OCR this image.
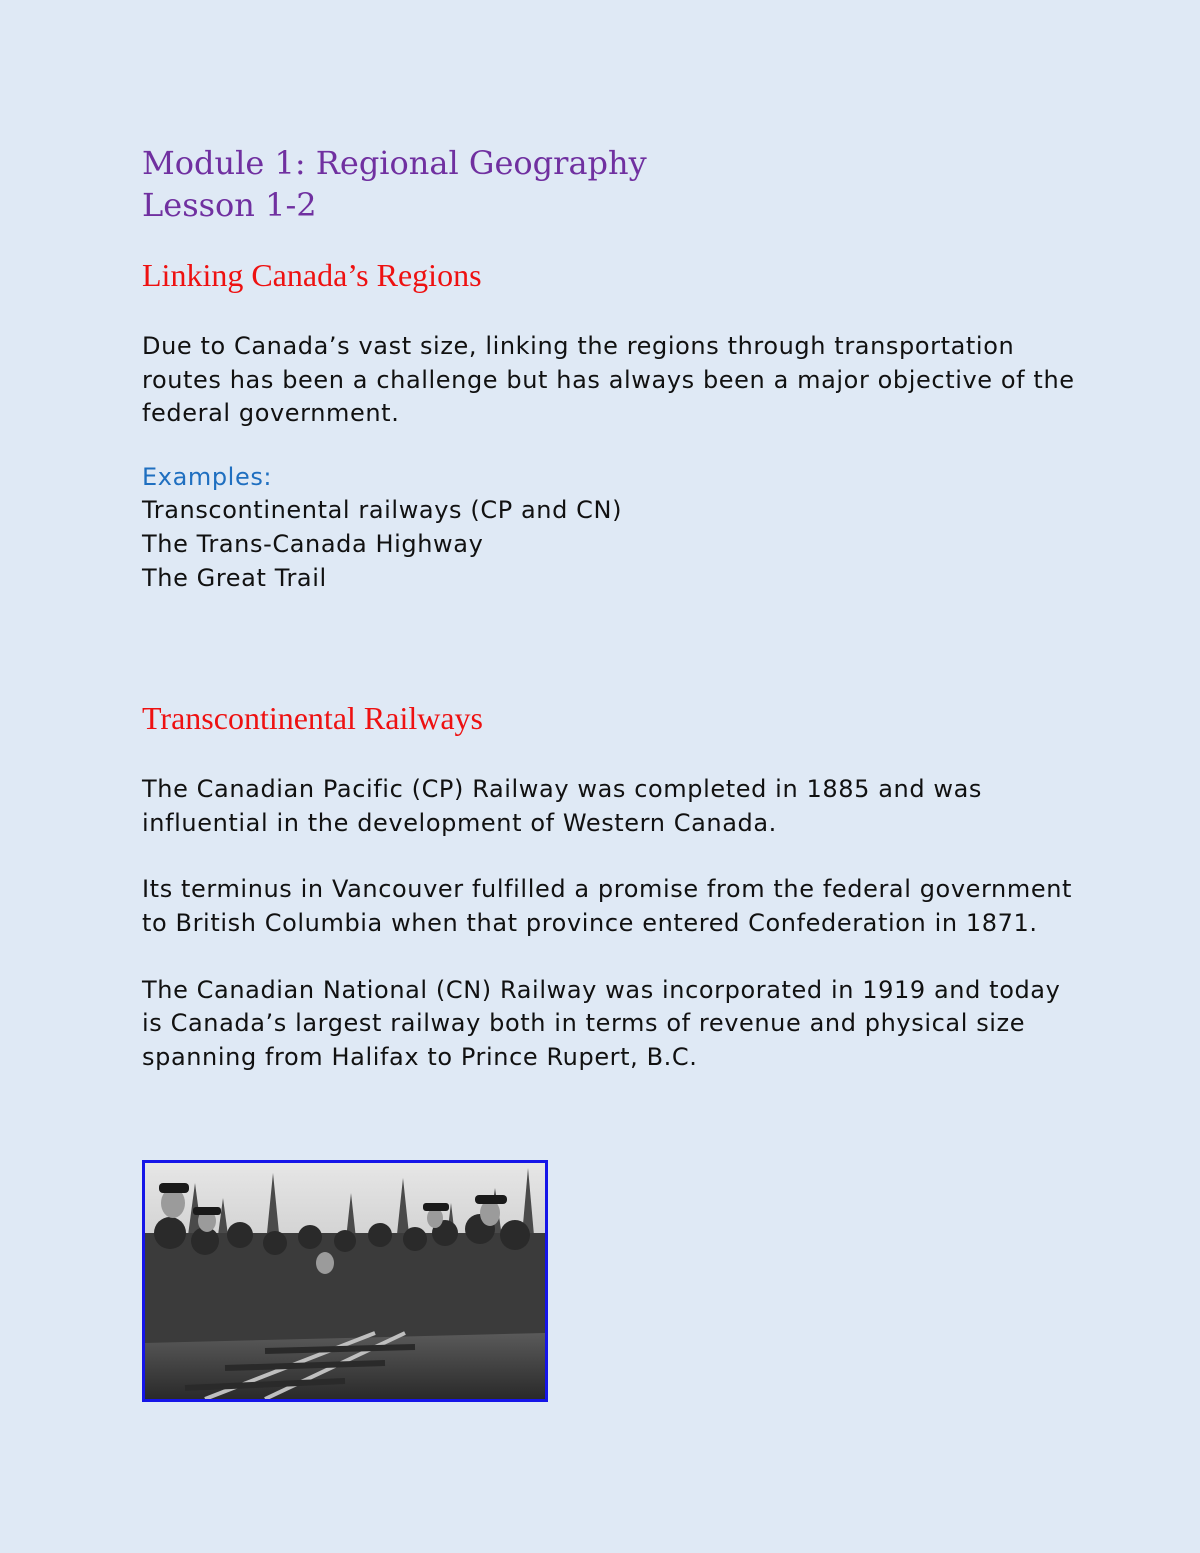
Module 1: Regional Geography
Lesson 1-2
Linking Canada’s Regions

Due to Canada’s vast size, linking the regions through transportation routes has been a challenge but has always been a major objective of the federal government.

Examples:

Transcontinental railways (CP and CN)
The Trans-Canada Highway
The Great Trail
Transcontinental Railways

The Canadian Pacific (CP) Railway was completed in 1885 and was influential in the development of Western Canada.

Its terminus in Vancouver fulfilled a promise from the federal government to British Columbia when that province entered Confederation in 1871.

The Canadian National (CN) Railway was incorporated in 1919 and today is Canada’s largest railway both in terms of revenue and physical size spanning from Halifax to Prince Rupert, B.C.
